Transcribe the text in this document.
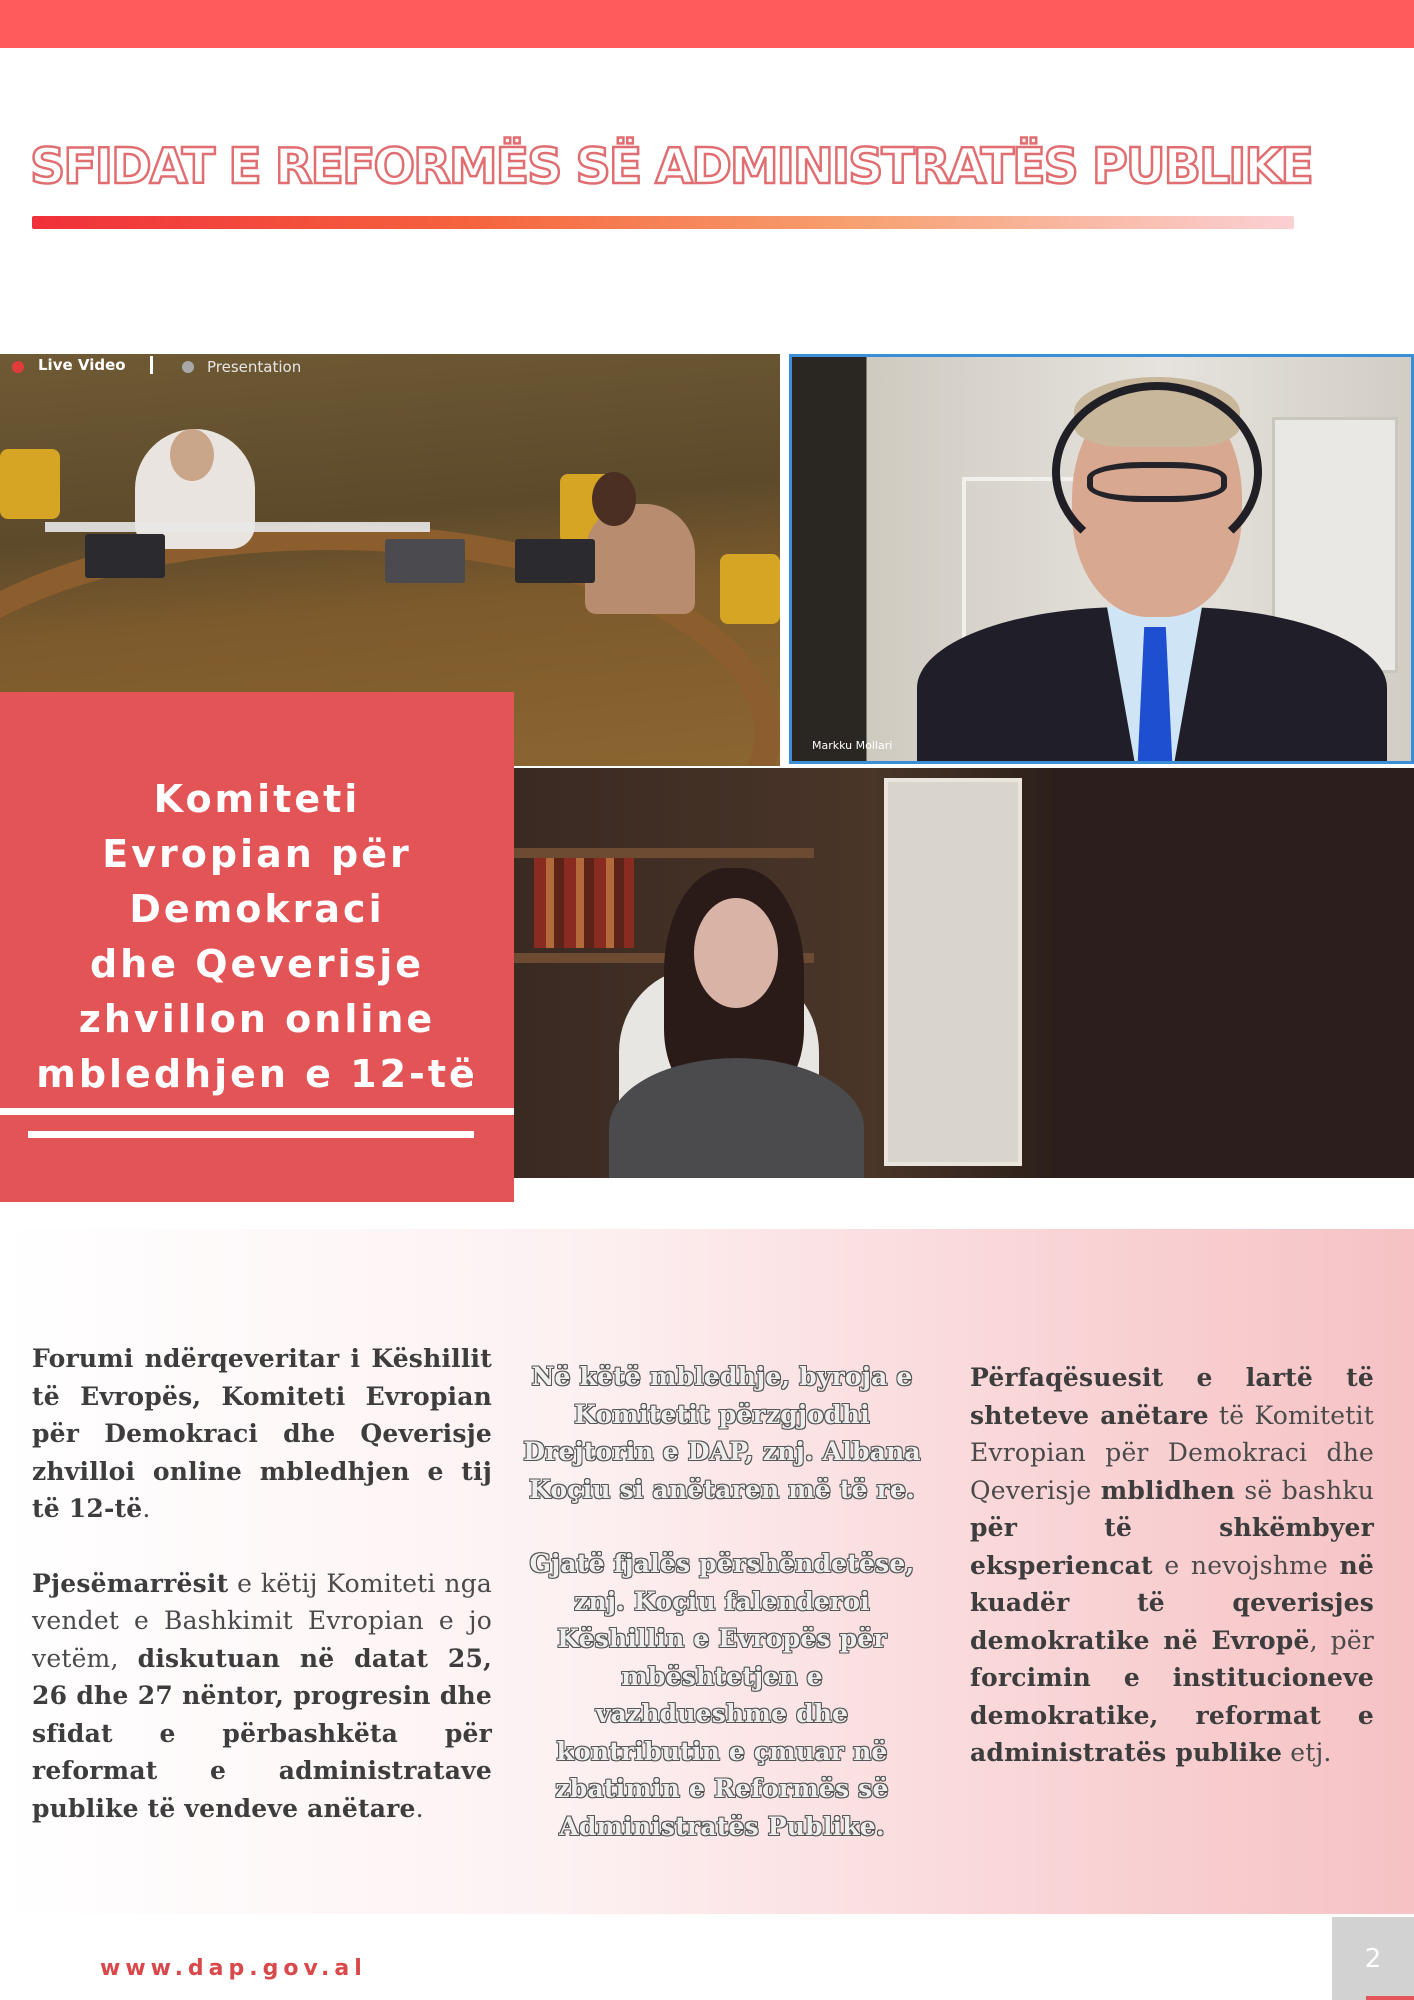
SFIDAT E REFORMËS SË ADMINISTRATËS PUBLIKE
Live Video	Presentation
Markku Mollari
Komiteti
Evropian për
Demokraci
dhe Qeverisje
zhvillon online
mbledhjen e 12-të

Forumi ndërqeveritar i Këshillit të Evropës, Komiteti Evropian për Demokraci dhe Qeverisje zhvilloi online mbledhjen e tij të 12-të.

Pjesëmarrësit e këtij Komiteti nga vendet e Bashkimit Evropian e jo vetëm, diskutuan në datat 25, 26 dhe 27 nëntor, progresin dhe sfidat e përbashkëta për reformat e administratave publike të vendeve anëtare.

Në këtë mbledhje, byroja e Komitetit përzgjodhi Drejtorin e DAP, znj. Albana Koçiu si anëtaren më të re.

Gjatë fjalës përshëndetëse, znj. Koçiu falenderoi Këshillin e Evropës për mbështetjen e vazhdueshme dhe kontributin e çmuar në zbatimin e Reformës së Administratës Publike.

Përfaqësuesit e lartë të shteteve anëtare të Komitetit Evropian për Demokraci dhe Qeverisje mblidhen së bashku për të shkëmbyer eksperiencat e nevojshme në kuadër të qeverisjes demokratike në Evropë, për forcimin e institucioneve demokratike, reformat e administratës publike etj.

www.dap.gov.al	2
